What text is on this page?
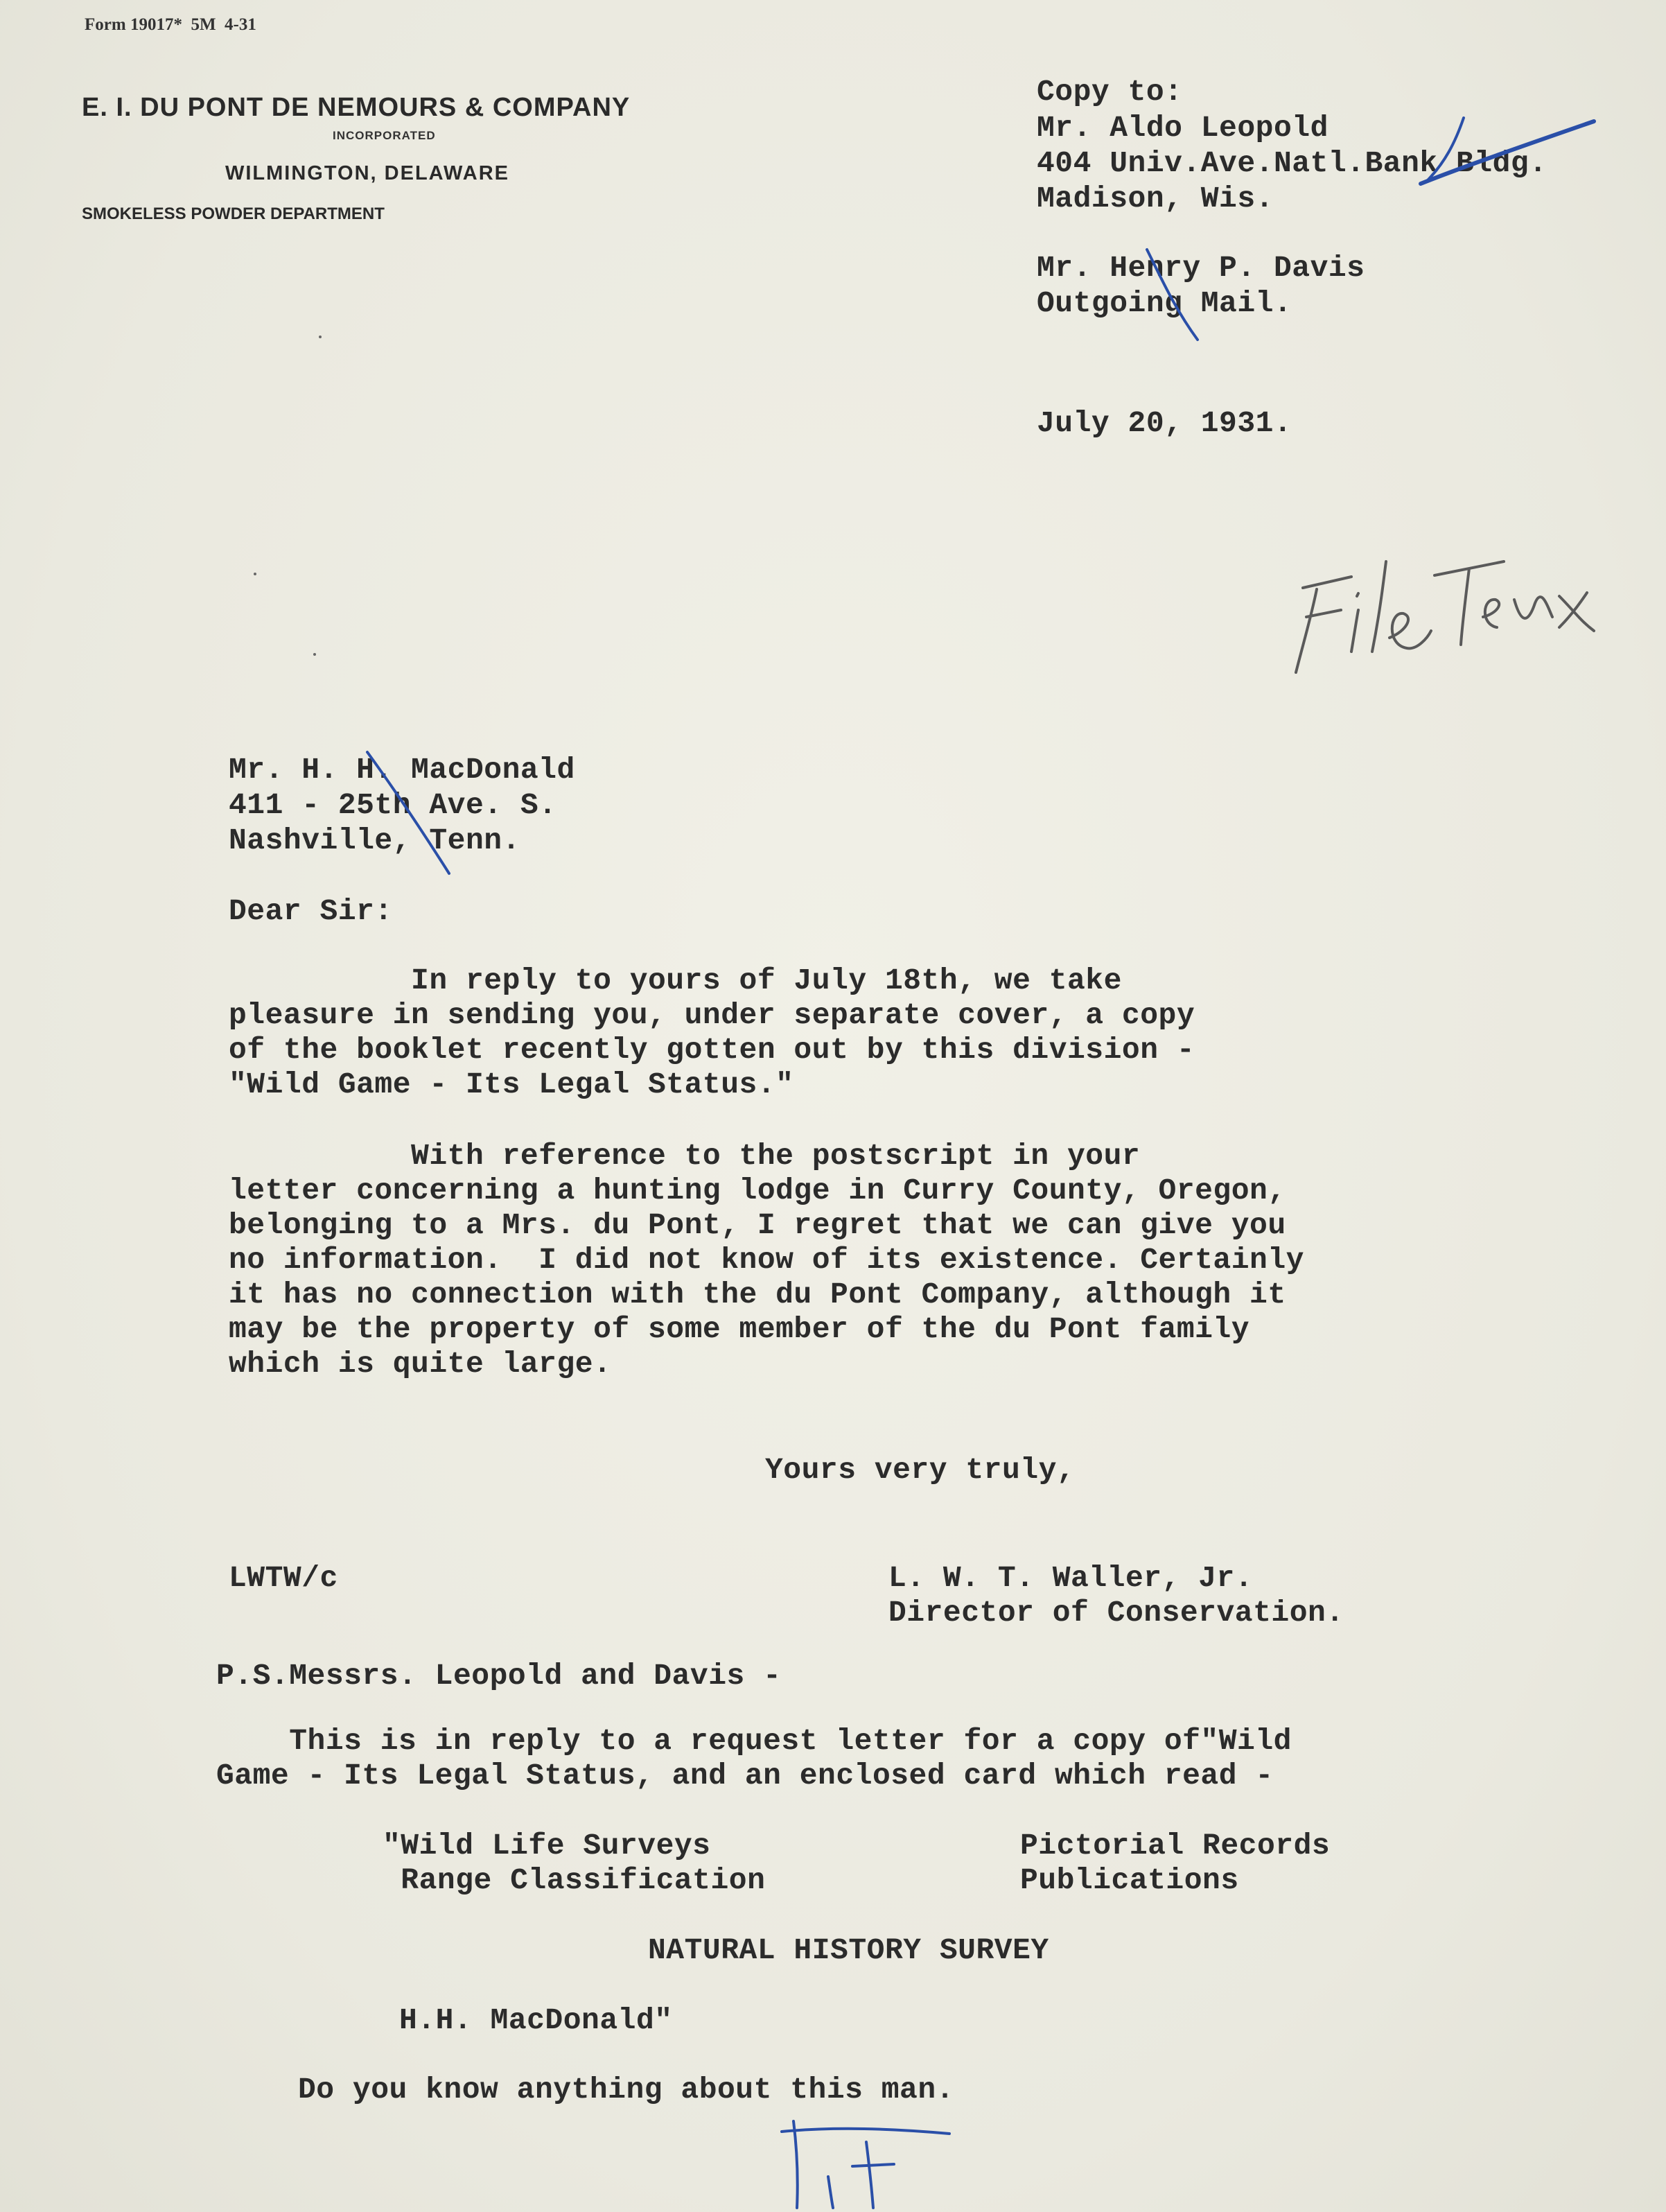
Form 19017*  5M  4-31
E. I. DU PONT DE NEMOURS & COMPANY
INCORPORATED
WILMINGTON, DELAWARE
SMOKELESS POWDER DEPARTMENT
Copy to:
Mr. Aldo Leopold
404 Univ.Ave.Natl.Bank Bldg.
Madison, Wis.
Mr. Henry P. Davis
Outgoing Mail.
July 20, 1931.
Mr. H. H. MacDonald
411 - 25th Ave. S.
Nashville, Tenn.
Dear Sir:
In reply to yours of July 18th, we take
pleasure in sending you, under separate cover, a copy
of the booklet recently gotten out by this division -
"Wild Game - Its Legal Status."
With reference to the postscript in your
letter concerning a hunting lodge in Curry County, Oregon,
belonging to a Mrs. du Pont, I regret that we can give you
no information.  I did not know of its existence. Certainly
it has no connection with the du Pont Company, although it
may be the property of some member of the du Pont family
which is quite large.
Yours very truly,
LWTW/c	L. W. T. Waller, Jr.
Director of Conservation.
P.S.Messrs. Leopold and Davis -
This is in reply to a request letter for a copy of"Wild
Game - Its Legal Status, and an enclosed card which read -
"Wild Life Surveys
Range Classification
Pictorial Records
Publications
NATURAL HISTORY SURVEY
H.H. MacDonald"
Do you know anything about this man.
